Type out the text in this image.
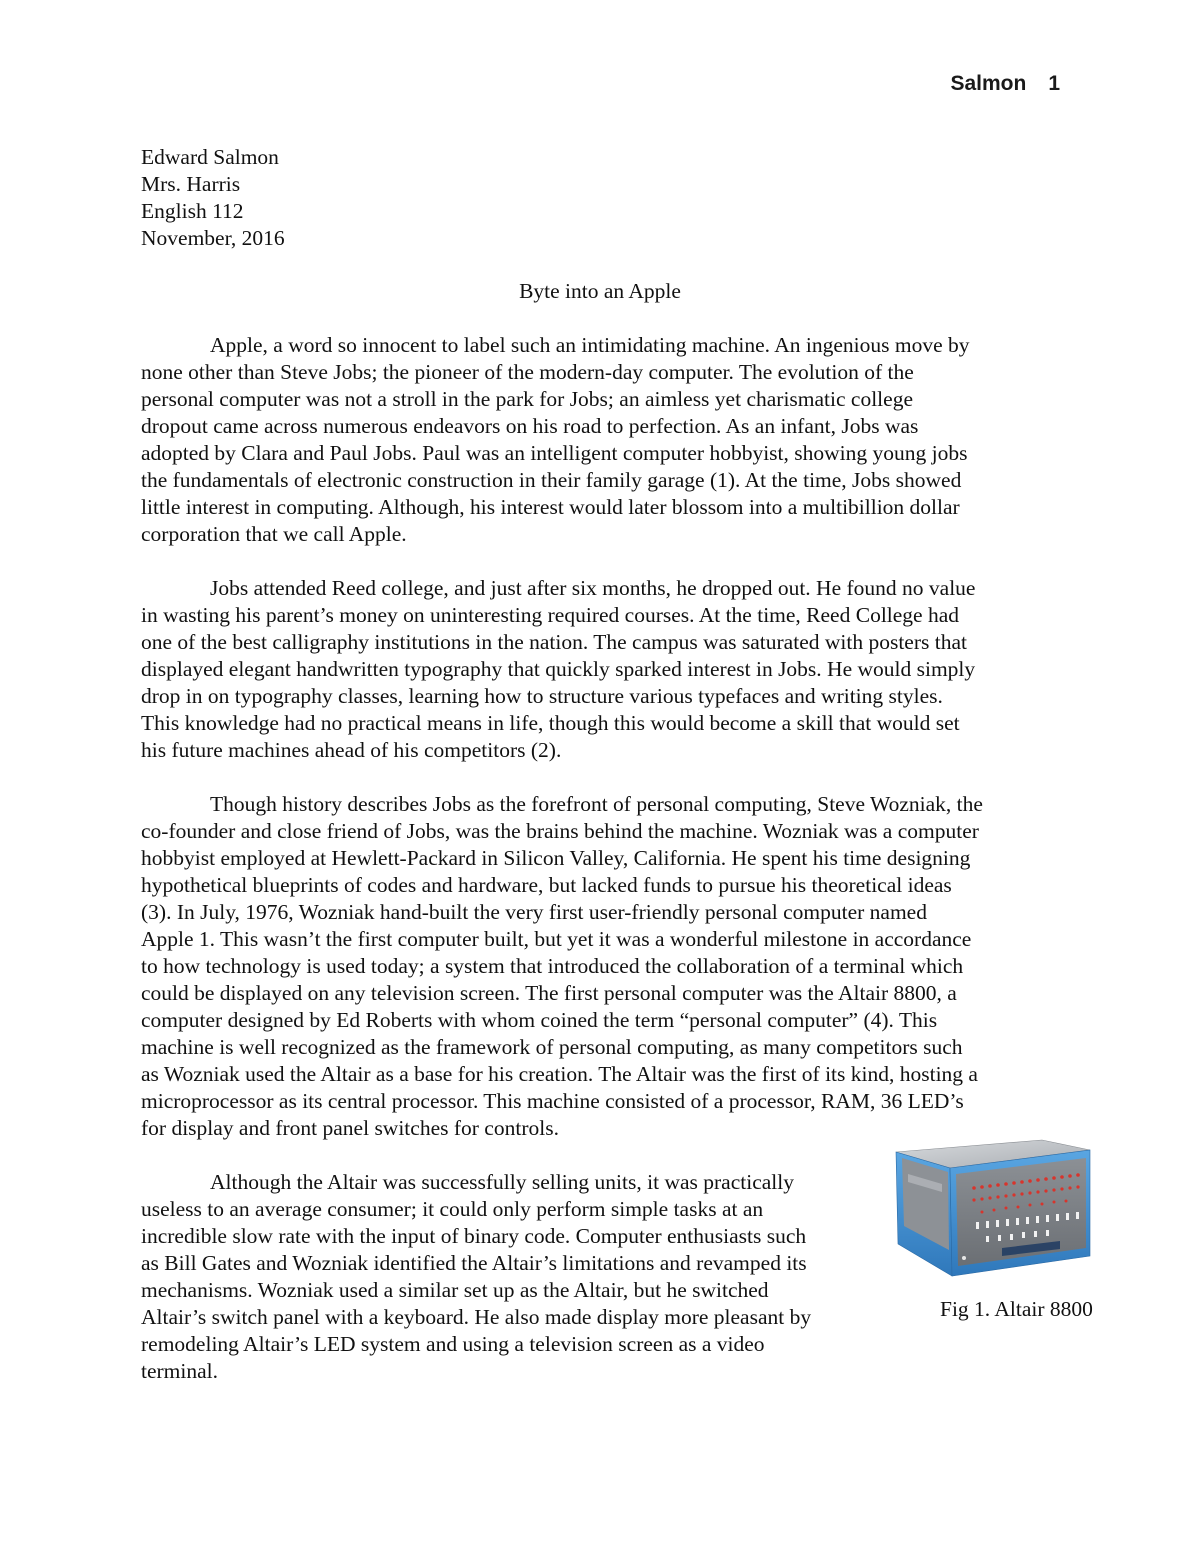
Salmon 1
Edward Salmon
Mrs. Harris
English 112
November, 2016
Byte into an Apple
Apple, a word so innocent to label such an intimidating machine. An ingenious move by
none other than Steve Jobs; the pioneer of the modern-day computer. The evolution of the
personal computer was not a stroll in the park for Jobs; an aimless yet charismatic college
dropout came across numerous endeavors on his road to perfection. As an infant, Jobs was
adopted by Clara and Paul Jobs. Paul was an intelligent computer hobbyist, showing young jobs
the fundamentals of electronic construction in their family garage (1). At the time, Jobs showed
little interest in computing. Although, his interest would later blossom into a multibillion dollar
corporation that we call Apple.
Jobs attended Reed college, and just after six months, he dropped out. He found no value
in wasting his parent’s money on uninteresting required courses. At the time, Reed College had
one of the best calligraphy institutions in the nation. The campus was saturated with posters that
displayed elegant handwritten typography that quickly sparked interest in Jobs. He would simply
drop in on typography classes, learning how to structure various typefaces and writing styles.
This knowledge had no practical means in life, though this would become a skill that would set
his future machines ahead of his competitors (2).
Though history describes Jobs as the forefront of personal computing, Steve Wozniak, the
co-founder and close friend of Jobs, was the brains behind the machine. Wozniak was a computer
hobbyist employed at Hewlett-Packard in Silicon Valley, California. He spent his time designing
hypothetical blueprints of codes and hardware, but lacked funds to pursue his theoretical ideas
(3). In July, 1976, Wozniak hand-built the very first user-friendly personal computer named
Apple 1. This wasn’t the first computer built, but yet it was a wonderful milestone in accordance
to how technology is used today; a system that introduced the collaboration of a terminal which
could be displayed on any television screen. The first personal computer was the Altair 8800, a
computer designed by Ed Roberts with whom coined the term “personal computer” (4). This
machine is well recognized as the framework of personal computing, as many competitors such
as Wozniak used the Altair as a base for his creation. The Altair was the first of its kind, hosting a
microprocessor as its central processor. This machine consisted of a processor, RAM, 36 LED’s
for display and front panel switches for controls.
Although the Altair was successfully selling units, it was practically
useless to an average consumer; it could only perform simple tasks at an
incredible slow rate with the input of binary code. Computer enthusiasts such
as Bill Gates and Wozniak identified the Altair’s limitations and revamped its
mechanisms. Wozniak used a similar set up as the Altair, but he switched
Altair’s switch panel with a keyboard. He also made display more pleasant by
remodeling Altair’s LED system and using a television screen as a video
terminal.
Fig 1. Altair 8800
